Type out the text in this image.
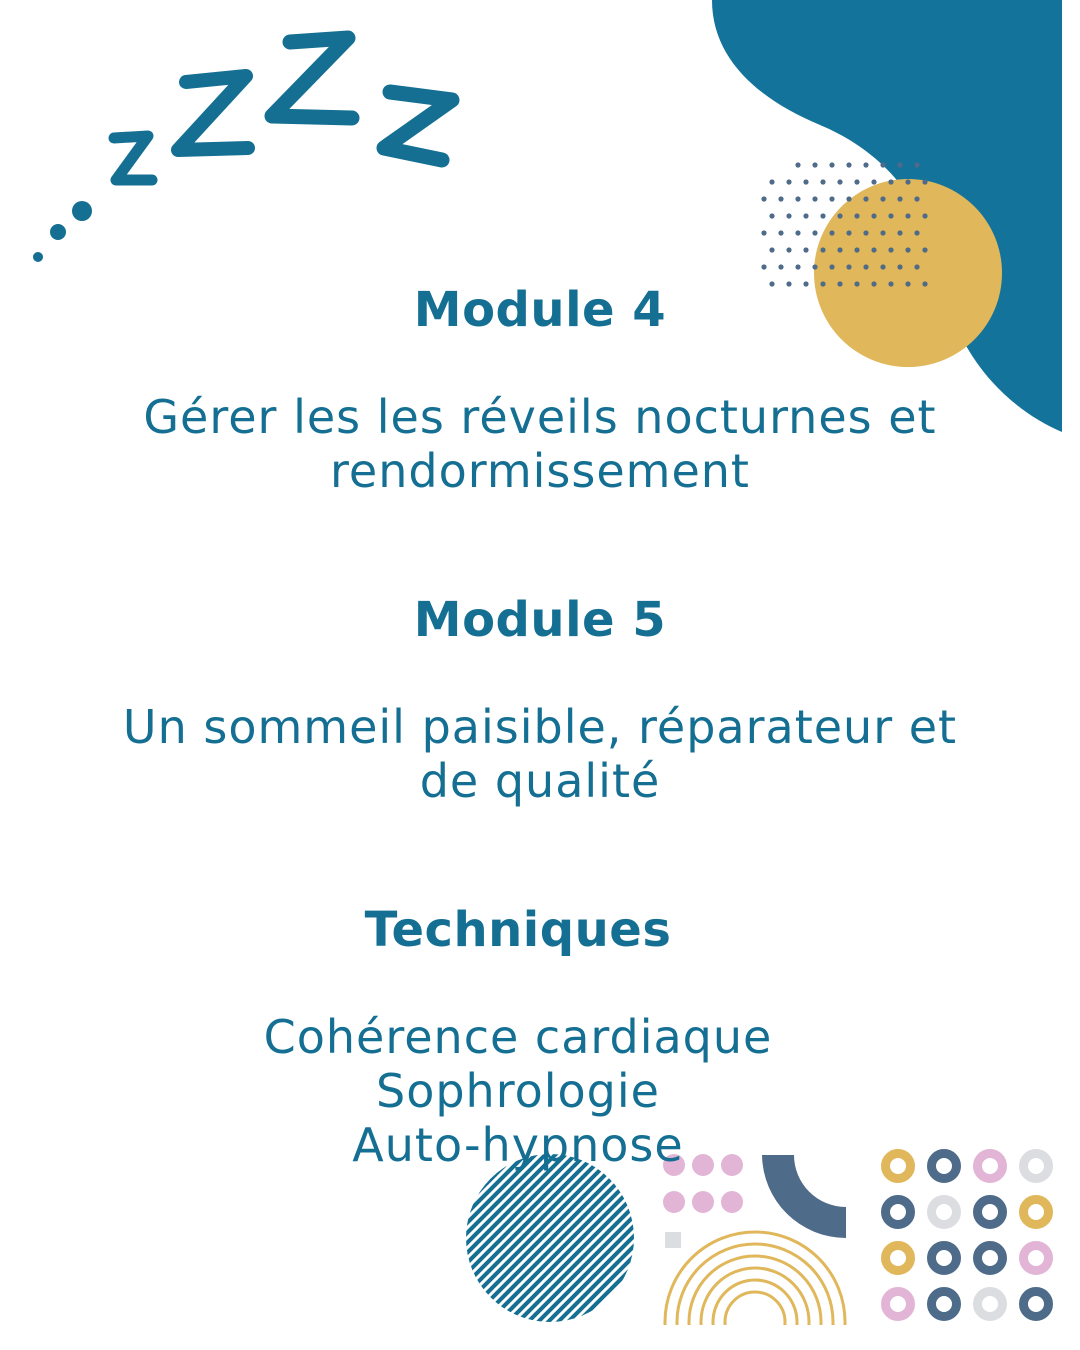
Module 4

Gérer les les réveils nocturnes et
rendormissement

Module 5

Un sommeil paisible, réparateur et
de qualité

Techniques

Cohérence cardiaque
Sophrologie
Auto-hypnose
